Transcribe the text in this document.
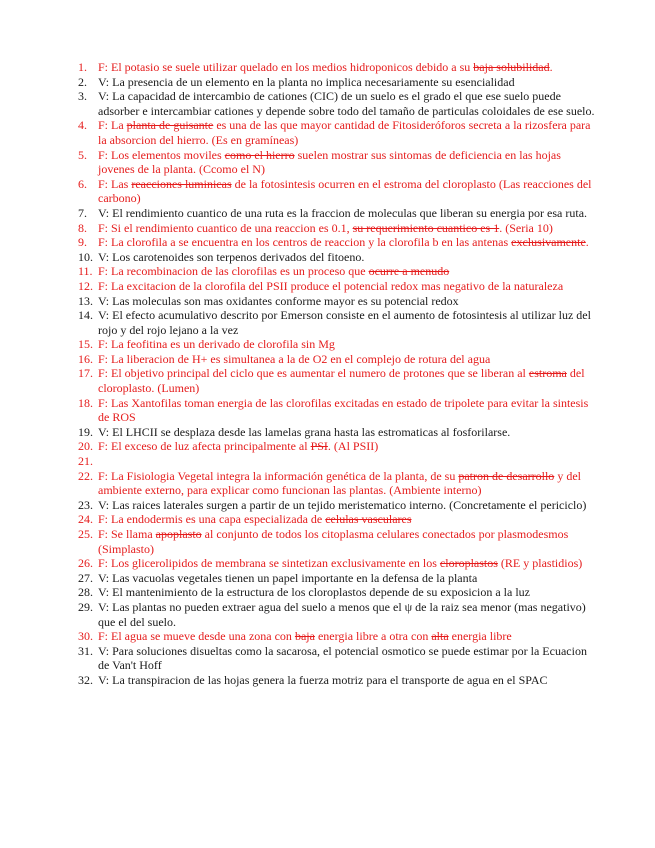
1. F: El potasio se suele utilizar quelado en los medios hidroponicos debido a su baja solubilidad.
2. V: La presencia de un elemento en la planta no implica necesariamente su esencialidad
3. V: La capacidad de intercambio de cationes (CIC) de un suelo es el grado el que ese suelo puede adsorber e intercambiar cationes y depende sobre todo del tamaño de particulas coloidales de ese suelo.
4. F: La planta de guisante es una de las que mayor cantidad de Fitosideróforos secreta a la rizosfera para la absorcion del hierro. (Es en gramíneas)
5. F: Los elementos moviles como el hierro suelen mostrar sus sintomas de deficiencia en las hojas jovenes de la planta. (Ccomo el N)
6. F: Las reacciones luminicas de la fotosintesis ocurren en el estroma del cloroplasto (Las reacciones del carbono)
7. V: El rendimiento cuantico de una ruta es la fraccion de moleculas que liberan su energia por esa ruta.
8. F: Si el rendimiento cuantico de una reaccion es 0.1, su requerimiento cuantico es 1. (Seria 10)
9. F: La clorofila a se encuentra en los centros de reaccion y la clorofila b en las antenas exclusivamente.
10. V: Los carotenoides son terpenos derivados del fitoeno.
11. F: La recombinacion de las clorofilas es un proceso que ocurre a menudo
12. F: La excitacion de la clorofila del PSII produce el potencial redox mas negativo de la naturaleza
13. V: Las moleculas son mas oxidantes conforme mayor es su potencial redox
14. V: El efecto acumulativo descrito por Emerson consiste en el aumento de fotosintesis al utilizar luz del rojo y del rojo lejano a la vez
15. F: La feofitina es un derivado de clorofila sin Mg
16. F: La liberacion de H+ es simultanea a la de O2 en el complejo de rotura del agua
17. F: El objetivo principal del ciclo que es aumentar el numero de protones que se liberan al estroma del cloroplasto. (Lumen)
18. F: Las Xantofilas toman energia de las clorofilas excitadas en estado de tripolete para evitar la sintesis de ROS
19. V: El LHCII se desplaza desde las lamelas grana hasta las estromaticas al fosforilarse.
20. F: El exceso de luz afecta principalmente al PSI. (Al PSII)
21.

22. F: La Fisiologia Vegetal integra la información genética de la planta, de su patron de desarrollo y del ambiente externo, para explicar como funcionan las plantas. (Ambiente interno)
23. V: Las raices laterales surgen a partir de un tejido meristematico interno. (Concretamente el periciclo)
24. F: La endodermis es una capa especializada de celulas vasculares
25. F: Se llama apoplasto al conjunto de todos los citoplasma celulares conectados por plasmodesmos (Simplasto)
26. F: Los glicerolipidos de membrana se sintetizan exclusivamente en los cloroplastos (RE y plastidios)
27. V: Las vacuolas vegetales tienen un papel importante en la defensa de la planta
28. V: El mantenimiento de la estructura de los cloroplastos depende de su exposicion a la luz
29. V: Las plantas no pueden extraer agua del suelo a menos que el ψ de la raiz sea menor (mas negativo) que el del suelo.
30. F: El agua se mueve desde una zona con baja energia libre a otra con alta energia libre
31. V: Para soluciones disueltas como la sacarosa, el potencial osmotico se puede estimar por la Ecuacion de Van't Hoff
32. V: La transpiracion de las hojas genera la fuerza motriz para el transporte de agua en el SPAC
